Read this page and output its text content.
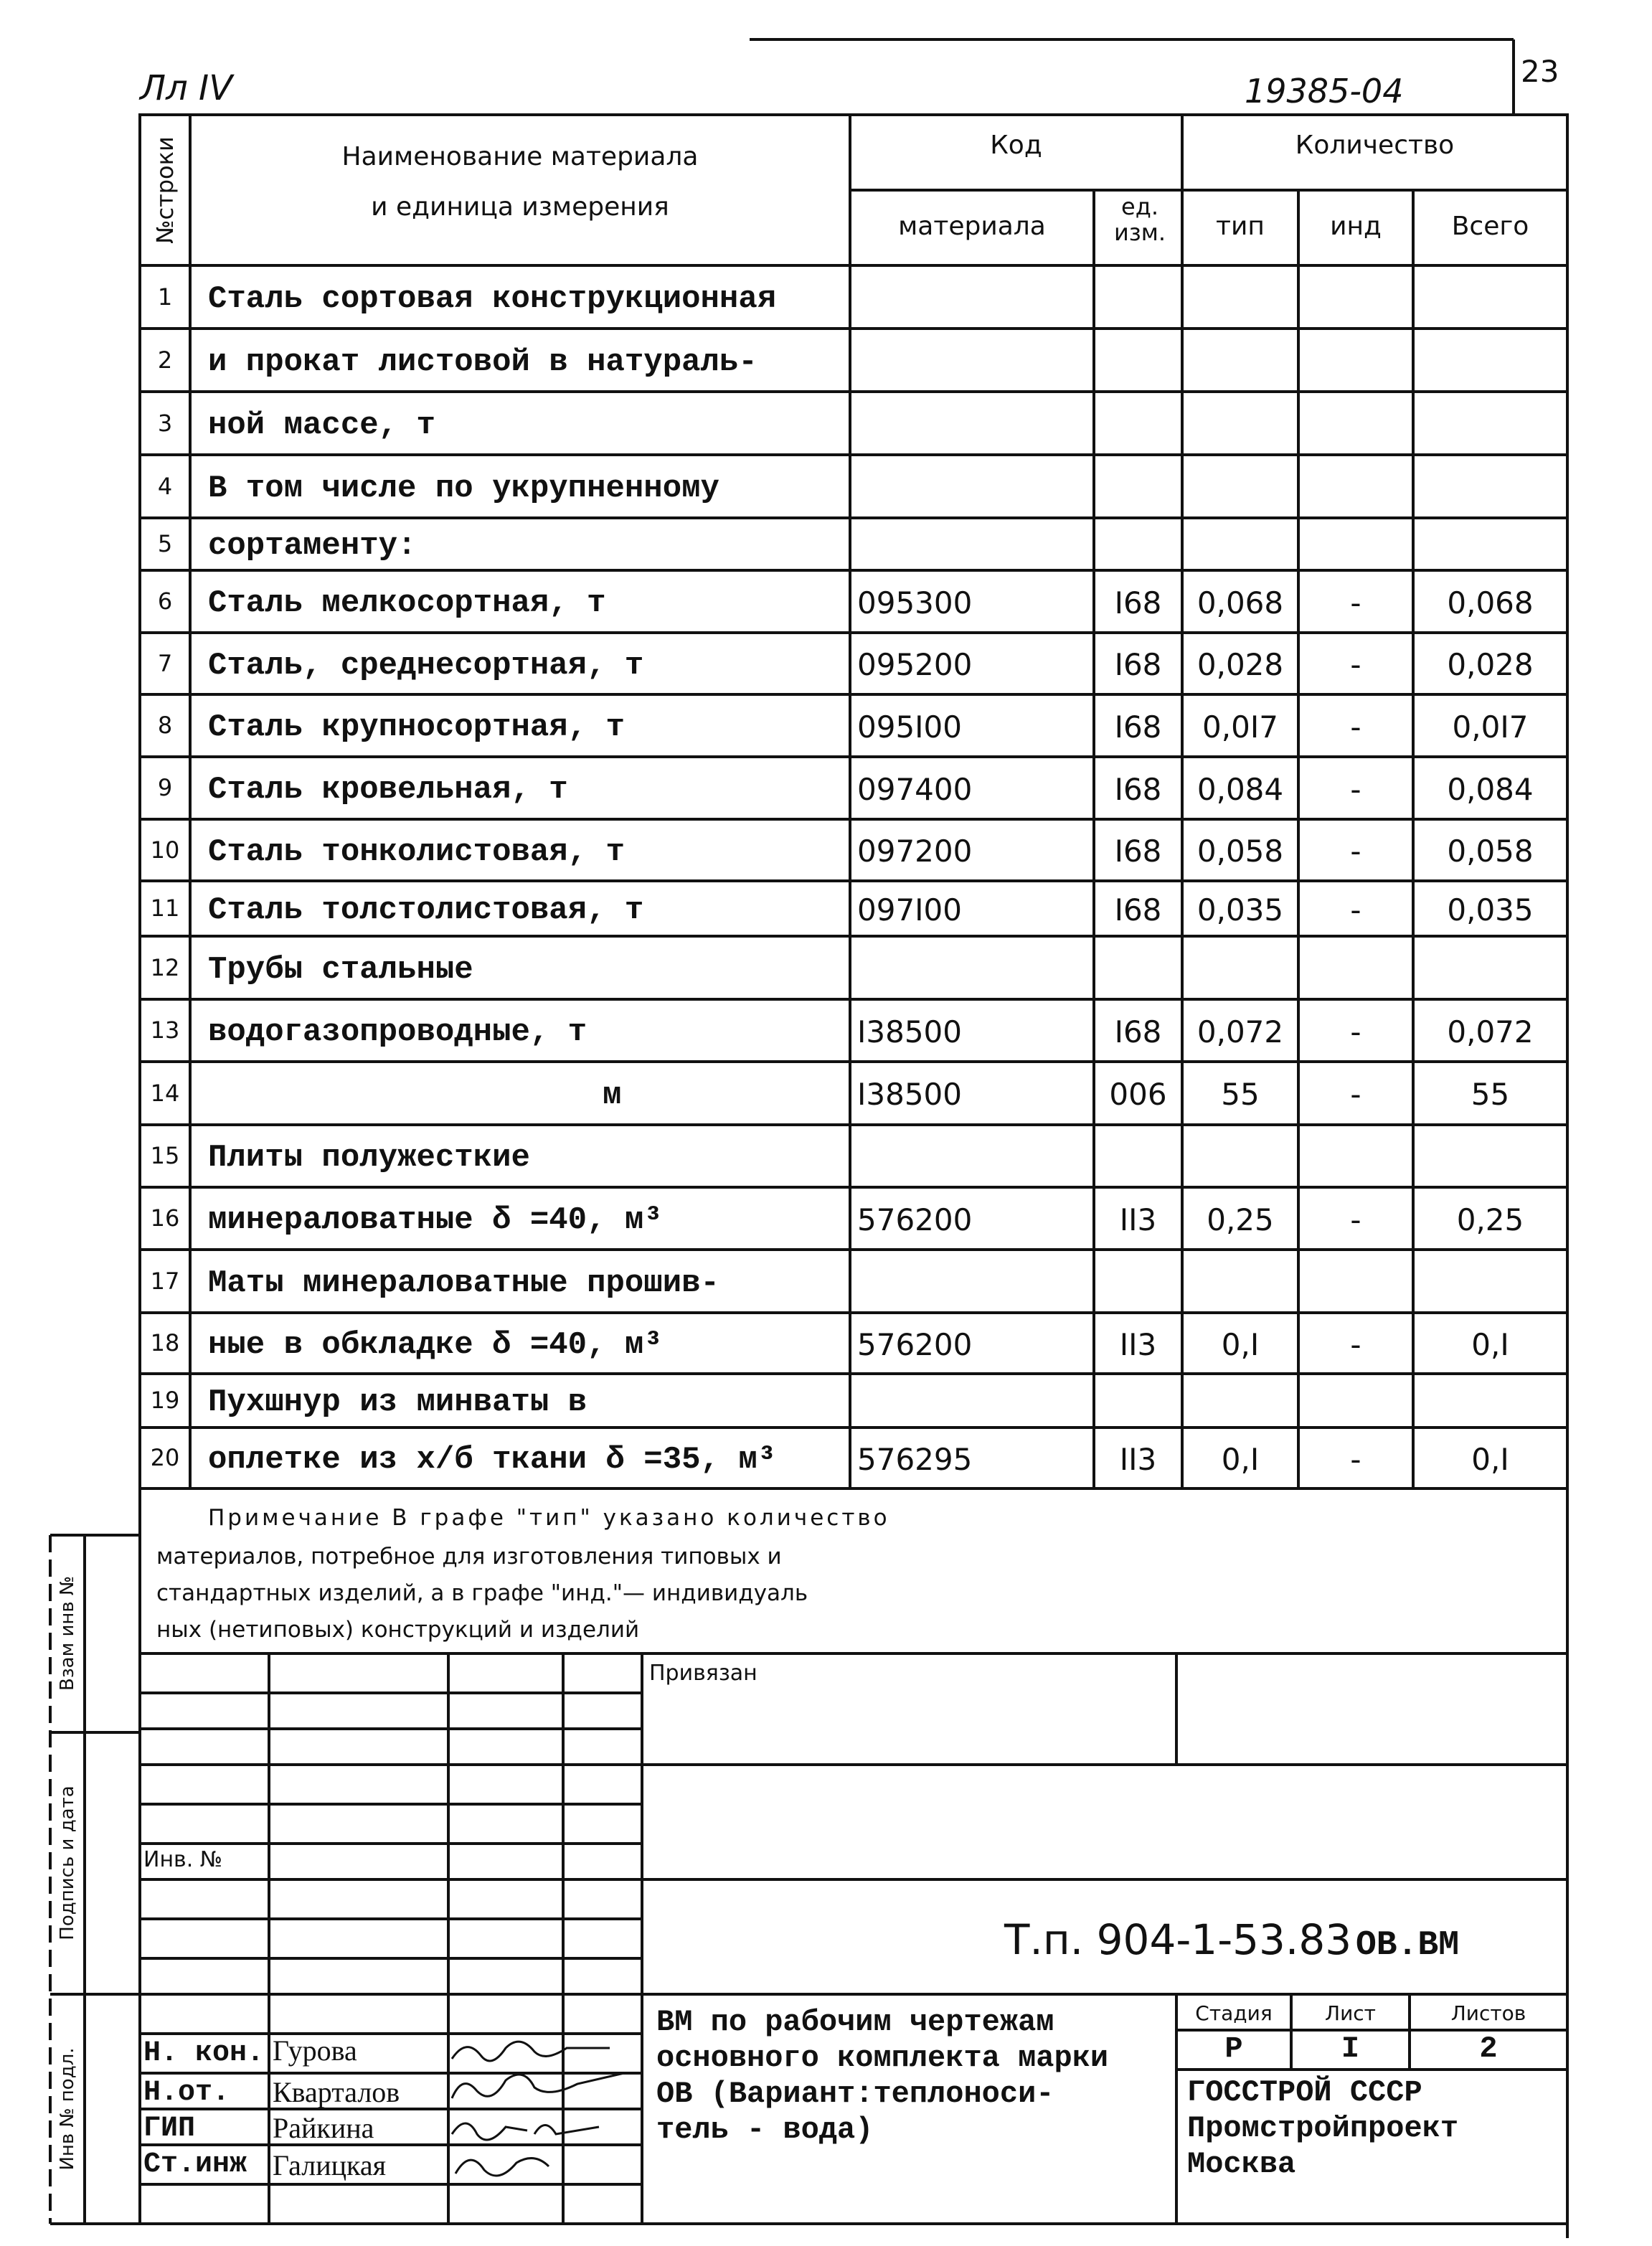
Лл IV	19385-04
23
№строки	Наименование материала
и единица измерения
Код	Количество
материала
ед. изм.	тип	инд	Всего
1	Сталь сортовая конструкционная
2	и прокат листовой в натураль-
3	ной массе, т
4	В том числе по укрупненному
5	сортаменту:
6	Сталь мелкосортная, т	095300	I68	0,068	-	0,068
7	Сталь, среднесортная, т	095200	I68	0,028	-	0,028
8	Сталь крупносортная, т	095I00	I68	0,0I7	-	0,0I7
9	Сталь кровельная, т	097400	I68	0,084	-	0,084
10 Сталь тонколистовая, т	097200	I68	0,058	-	0,058
11 Сталь толстолистовая, т	097I00	I68	0,035	-	0,035
12 Трубы стальные
13 водогазопроводные, т	I38500	I68	0,072	-	0,072
14	м	I38500	006	55	-	55
15 Плиты полужесткие
16 минераловатные δ =40, м³	576200	II3	0,25	-	0,25
17 Маты минераловатные прошив-
18 ные в обкладке δ =40, м³	576200	II3	0,I	-	0,I
19 Пухшнур из минваты в
20 оплетке из х/б ткани δ =35, м³	576295	II3	0,I	-	0,I
Примечание В графе "тип" указано количество
материалов, потребное для изготовления типовых и
стандартных изделий, а в графе "инд."— индивидуаль
ных (нетиповых) конструкций и изделий
Привязан
Инв. №
Т.п. 904-1-53.83 ОВ.ВМ
ВМ по рабочим чертежам
основного комплекта марки
ОВ (Вариант:теплоноси-
тель - вода)
Стадия	Лист	Листов
Р	I	2
ГОССТРОЙ СССР
Промстройпроект
Москва
Н. кон. Гурова
Н.от. Кварталов
ГИП	Райкина
Ст.инж Галицкая
Взам инв №
Подпись и дата
Инв № подл.
